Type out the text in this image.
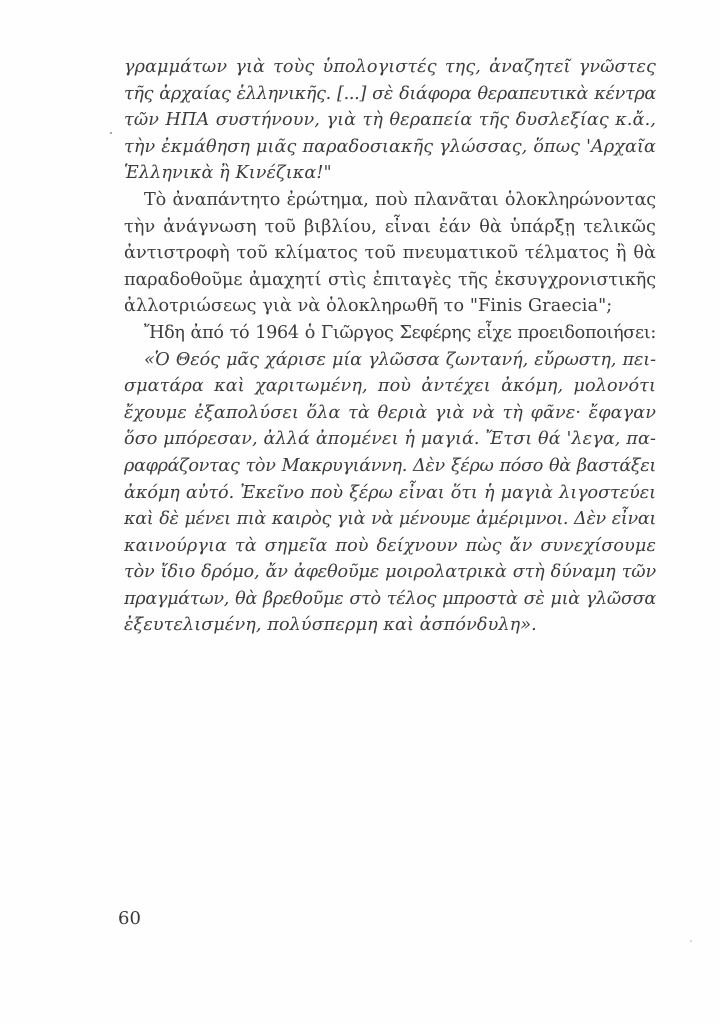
γραμμάτων γιὰ τοὺς ὑπολογιστές της, ἀναζητεῖ γνῶστες
τῆς ἀρχαίας ἑλληνικῆς. [...] σὲ διάφορα θεραπευτικὰ κέντρα
τῶν ΗΠΑ συστήνουν, γιὰ τὴ θεραπεία τῆς δυσλεξίας κ.ἄ.,
τὴν ἐκμάθηση μιᾶς παραδοσιακῆς γλώσσας, ὅπως 'Αρχαῖα
Ἑλληνικὰ ἢ Κινέζικα!"
Τὸ ἀναπάντητο ἐρώτημα, ποὺ πλανᾶται ὁλοκληρώνοντας
τὴν ἀνάγνωση τοῦ βιβλίου, εἶναι ἐάν θὰ ὑπάρξῃ τελικῶς
ἀντιστροφὴ τοῦ κλίματος τοῦ πνευματικοῦ τέλματος ἢ θὰ
παραδοθοῦμε ἀμαχητί στὶς ἐπιταγὲς τῆς ἐκσυγχρονιστικῆς
ἀλλοτριώσεως γιὰ νὰ ὁλοκληρωθῆ το "Finis Graecia";
Ἤδη ἀπό τό 1964 ὁ Γιῶργος Σεφέρης εἶχε προειδοποιήσει:
«Ὁ Θεός μᾶς χάρισε μία γλῶσσα ζωντανή, εὔρωστη, πει-
σματάρα καὶ χαριτωμένη, ποὺ ἀντέχει ἀκόμη, μολονότι
ἔχουμε ἐξαπολύσει ὅλα τὰ θεριὰ γιὰ νὰ τὴ φᾶνε· ἔφαγαν
ὅσο μπόρεσαν, ἀλλά ἀπομένει ἡ μαγιά. Ἔτσι θά 'λεγα, πα-
ραφράζοντας τὸν Μακρυγιάννη. Δὲν ξέρω πόσο θὰ βαστάξει
ἀκόμη αὐτό. Ἐκεῖνο ποὺ ξέρω εἶναι ὅτι ἡ μαγιὰ λιγοστεύει
καὶ δὲ μένει πιὰ καιρὸς γιὰ νὰ μένουμε ἀμέριμνοι. Δὲν εἶναι
καινούργια τὰ σημεῖα ποὺ δείχνουν πὼς ἄν συνεχίσουμε
τὸν ἴδιο δρόμο, ἄν ἀφεθοῦμε μοιρολατρικὰ στὴ δύναμη τῶν
πραγμάτων, θὰ βρεθοῦμε στὸ τέλος μπροστὰ σὲ μιὰ γλῶσσα
ἐξευτελισμένη, πολύσπερμη καὶ ἀσπόνδυλη».
60
